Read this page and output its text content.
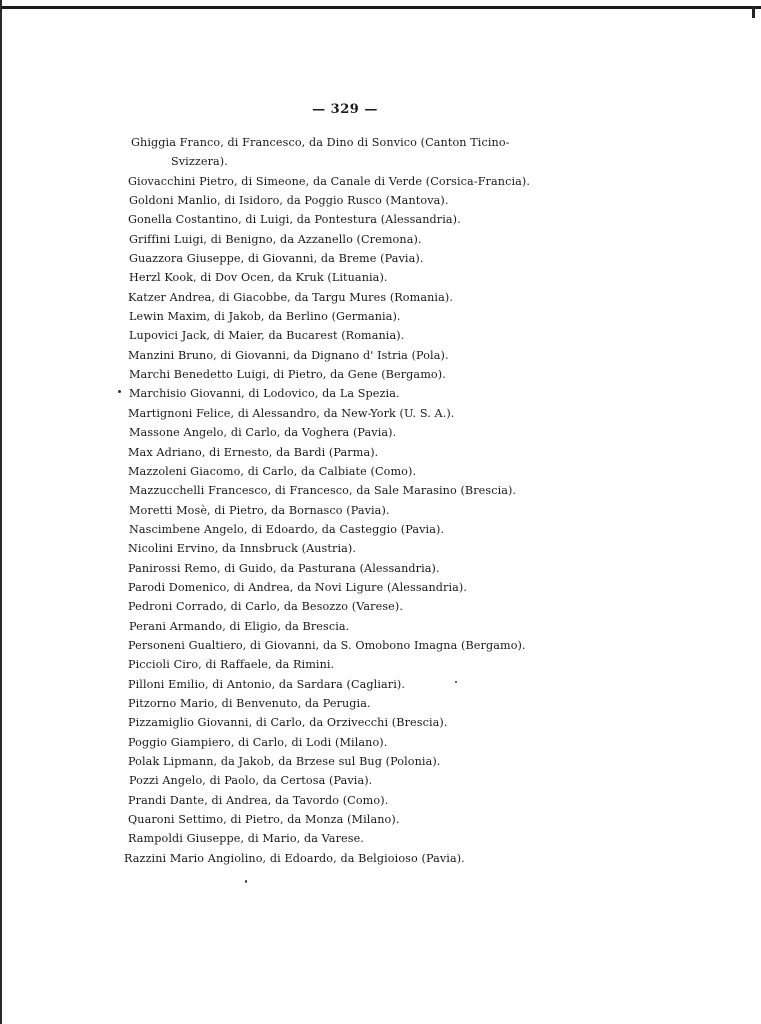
— 329 —
Ghiggia Franco, di Francesco, da Dino di Sonvico (Canton Ticino-
Svizzera).
Giovacchini Pietro, di Simeone, da Canale di Verde (Corsica-Francia).
Goldoni Manlio, di Isidoro, da Poggio Rusco (Mantova).
Gonella Costantino, di Luigi, da Pontestura (Alessandria).
Griffini Luigi, di Benigno, da Azzanello (Cremona).
Guazzora Giuseppe, di Giovanni, da Breme (Pavia).
Herzl Kook, di Dov Ocen, da Kruk (Lituania).
Katzer Andrea, di Giacobbe, da Targu Mures (Romania).
Lewin Maxim, di Jakob, da Berlino (Germania).
Lupovici Jack, di Maier, da Bucarest (Romania).
Manzini Bruno, di Giovanni, da Dignano d' Istria (Pola).
Marchi Benedetto Luigi, di Pietro, da Gene (Bergamo).
Marchisio Giovanni, di Lodovico, da La Spezia.
Martignoni Felice, di Alessandro, da New-York (U. S. A.).
Massone Angelo, di Carlo, da Voghera (Pavia).
Max Adriano, di Ernesto, da Bardi (Parma).
Mazzoleni Giacomo, di Carlo, da Calbiate (Como).
Mazzucchelli Francesco, di Francesco, da Sale Marasino (Brescia).
Moretti Mosè, di Pietro, da Bornasco (Pavia).
Nascimbene Angelo, di Edoardo, da Casteggio (Pavia).
Nicolini Ervino, da Innsbruck (Austria).
Panirossi Remo, di Guido, da Pasturana (Alessandria).
Parodi Domenico, di Andrea, da Novi Ligure (Alessandria).
Pedroni Corrado, di Carlo, da Besozzo (Varese).
Perani Armando, di Eligio, da Brescia.
Personeni Gualtiero, di Giovanni, da S. Omobono Imagna (Bergamo).
Piccioli Ciro, di Raffaele, da Rimini.
Pilloni Emilio, di Antonio, da Sardara (Cagliari).
Pitzorno Mario, di Benvenuto, da Perugia.
Pizzamiglio Giovanni, di Carlo, da Orzivecchi (Brescia).
Poggio Giampiero, di Carlo, di Lodi (Milano).
Polak Lipmann, da Jakob, da Brzese sul Bug (Polonia).
Pozzi Angelo, di Paolo, da Certosa (Pavia).
Prandi Dante, di Andrea, da Tavordo (Como).
Quaroni Settimo, di Pietro, da Monza (Milano).
Rampoldi Giuseppe, di Mario, da Varese.
Razzini Mario Angiolino, di Edoardo, da Belgioioso (Pavia).
